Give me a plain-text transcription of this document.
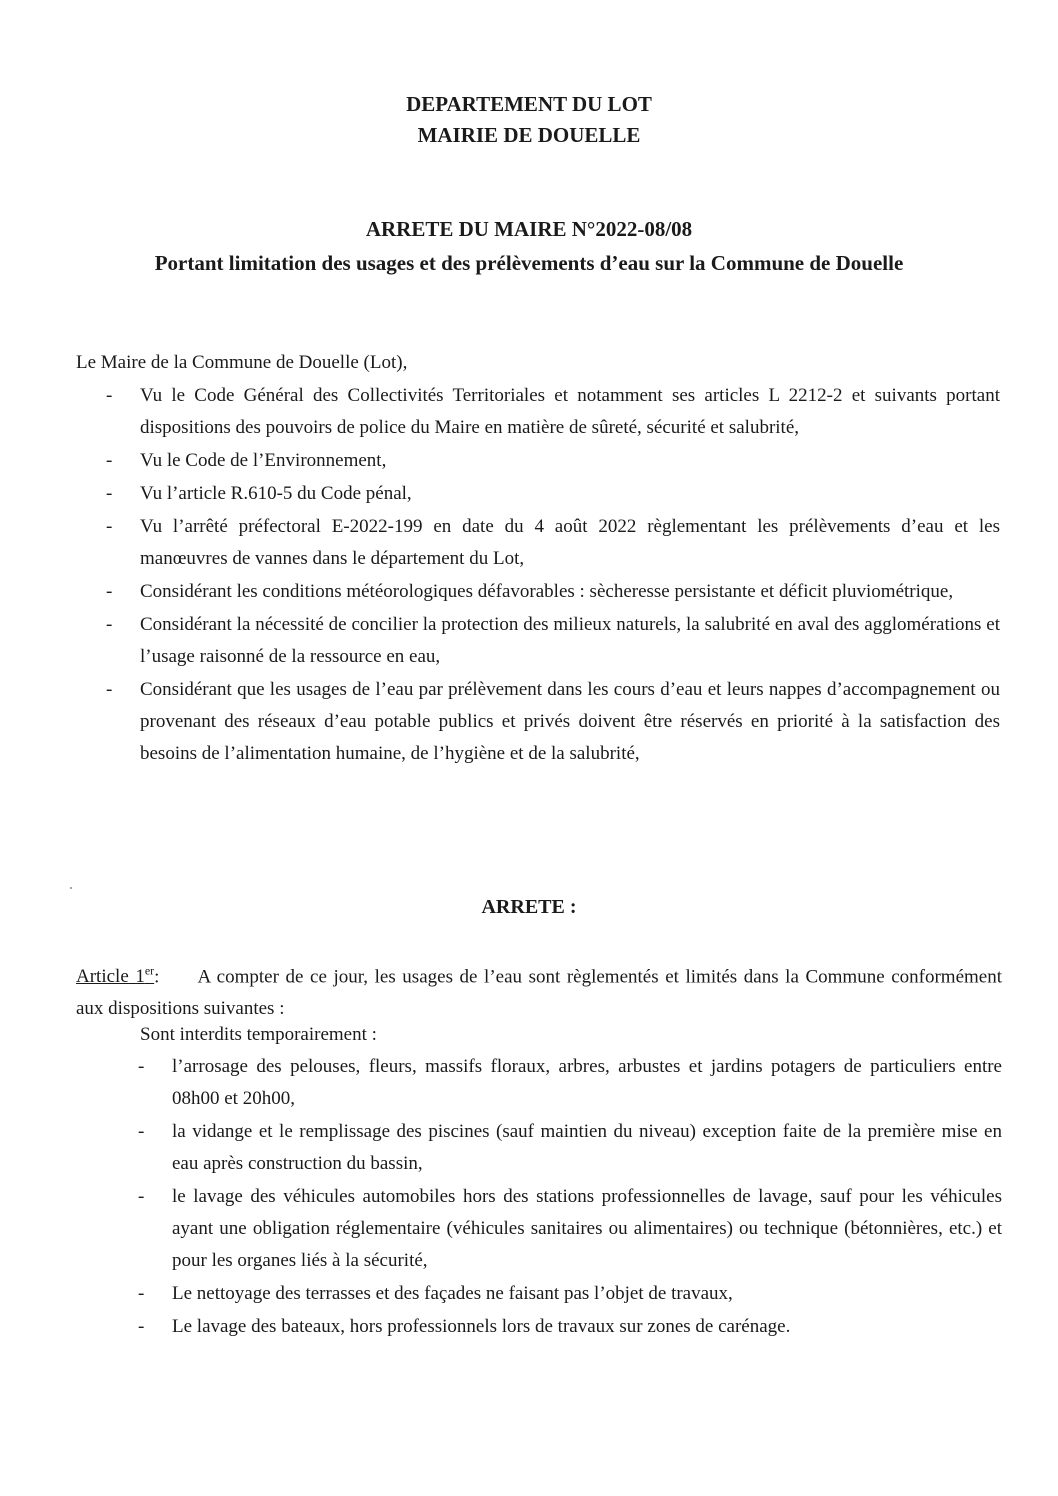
DEPARTEMENT DU LOT
MAIRIE DE DOUELLE
ARRETE DU MAIRE N°2022-08/08
Portant limitation des usages et des prélèvements d’eau sur la Commune de Douelle
Le Maire de la Commune de Douelle (Lot),
- Vu le Code Général des Collectivités Territoriales et notamment ses articles L 2212-2 et suivants portant dispositions des pouvoirs de police du Maire en matière de sûreté, sécurité et salubrité,
- Vu le Code de l’Environnement,
- Vu l’article R.610-5 du Code pénal,
- Vu l’arrêté préfectoral E-2022-199 en date du 4 août 2022 règlementant les prélèvements d’eau et les manœuvres de vannes dans le département du Lot,
- Considérant les conditions météorologiques défavorables : sècheresse persistante et déficit pluviométrique,
- Considérant la nécessité de concilier la protection des milieux naturels, la salubrité en aval des agglomérations et l’usage raisonné de la ressource en eau,
- Considérant que les usages de l’eau par prélèvement dans les cours d’eau et leurs nappes d’accompagnement ou provenant des réseaux d’eau potable publics et privés doivent être réservés en priorité à la satisfaction des besoins de l’alimentation humaine, de l’hygiène et de la salubrité,
ARRETE :
Article 1er: A compter de ce jour, les usages de l’eau sont règlementés et limités dans la Commune conformément aux dispositions suivantes :
Sont interdits temporairement :
- l’arrosage des pelouses, fleurs, massifs floraux, arbres, arbustes et jardins potagers de particuliers entre 08h00 et 20h00,
- la vidange et le remplissage des piscines (sauf maintien du niveau) exception faite de la première mise en eau après construction du bassin,
- le lavage des véhicules automobiles hors des stations professionnelles de lavage, sauf pour les véhicules ayant une obligation réglementaire (véhicules sanitaires ou alimentaires) ou technique (bétonnières, etc.) et pour les organes liés à la sécurité,
- Le nettoyage des terrasses et des façades ne faisant pas l’objet de travaux,
- Le lavage des bateaux, hors professionnels lors de travaux sur zones de carénage.
